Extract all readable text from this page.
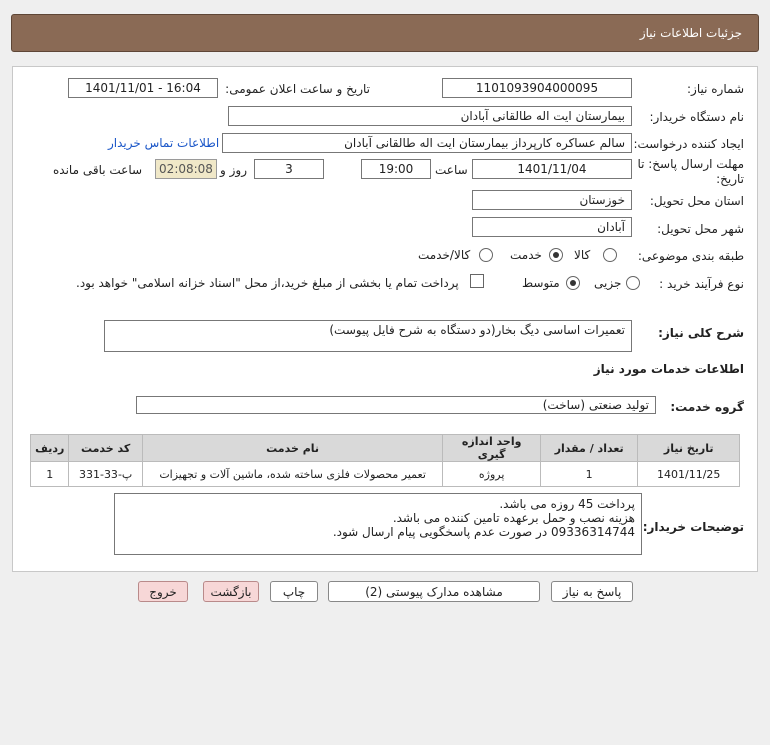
جزئیات اطلاعات نیاز
شماره نیاز:
1101093904000095
تاریخ و ساعت اعلان عمومی:
1401/11/01 - 16:04
نام دستگاه خریدار:
بیمارستان ایت اله طالقانی آبادان
ایجاد کننده درخواست:
سالم عساکره کارپرداز بیمارستان ایت اله طالقانی آبادان
اطلاعات تماس خریدار
مهلت ارسال پاسخ: تا
تاریخ:
1401/11/04
ساعت
19:00
3
روز و
02:08:08
ساعت باقی مانده
استان محل تحویل:
خوزستان
شهر محل تحویل:
آبادان
طبقه بندی موضوعی:
کالا
خدمت
کالا/خدمت
نوع فرآیند خرید :
جزیی
متوسط
پرداخت تمام یا بخشی از مبلغ خرید،از محل "اسناد خزانه اسلامی" خواهد بود.
شرح کلی نیاز:
تعمیرات اساسی دیگ بخار(دو دستگاه به شرح فایل پیوست)
اطلاعات خدمات مورد نیاز
گروه خدمت:
تولید صنعتی (ساخت)
ردیف	کد خدمت	نام خدمت	واحد اندازه گیری	تعداد / مقدار	تاریخ نیاز
1	پ-33-331	تعمیر محصولات فلزی ساخته شده، ماشین آلات و تجهیزات	پروژه	1	1401/11/25
توضیحات خریدار:
پرداخت 45 روزه می باشد.
هزینه نصب و حمل برعهده تامین کننده می باشد.
09336314744 در صورت عدم پاسخگویی پیام ارسال شود.
پاسخ به نیاز
مشاهده مدارک پیوستی (2)
چاپ
بازگشت
خروج
